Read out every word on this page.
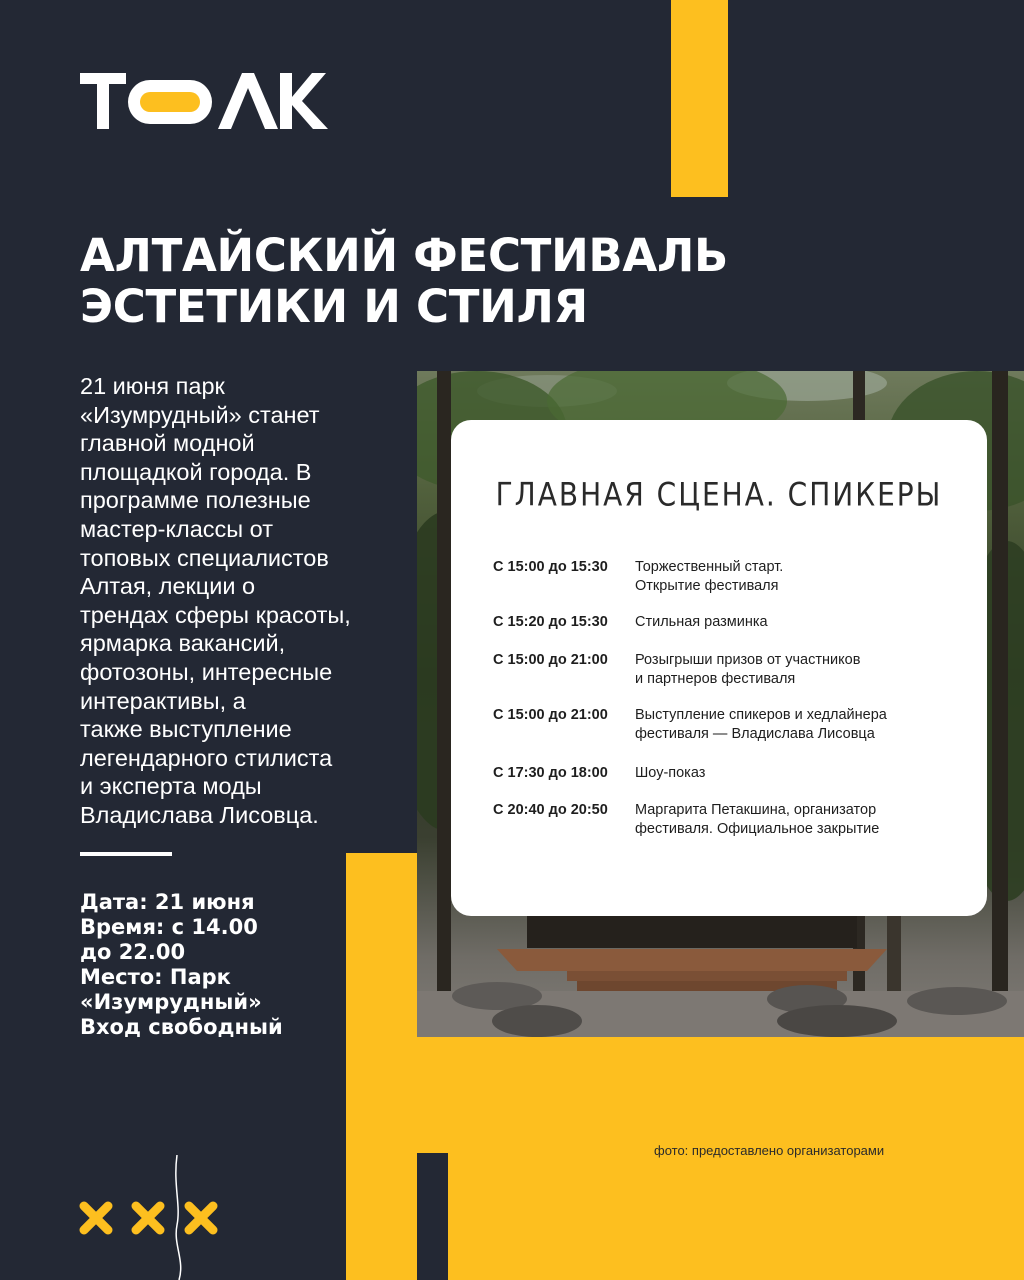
АЛТАЙСКИЙ ФЕСТИВАЛЬ
ЭСТЕТИКИ И СТИЛЯ
21 июня парк
«Изумрудный» станет
главной модной
площадкой города. В
программе полезные
мастер-классы от
топовых специалистов
Алтая, лекции о
трендах сферы красоты,
ярмарка вакансий,
фотозоны, интересные
интерактивы, а
также выступление
легендарного стилиста
и эксперта моды
Владислава Лисовца.
Дата: 21 июня
Время: с 14.00
до 22.00
Место: Парк
«Изумрудный»
Вход свободный
ГЛАВНАЯ СЦЕНА. СПИКЕРЫ
С 15:00 до 15:30	Торжественный старт.
Открытие фестиваля
С 15:20 до 15:30	Стильная разминка
С 15:00 до 21:00	Розыгрыши призов от участников
и партнеров фестиваля
С 15:00 до 21:00	Выступление спикеров и хедлайнера
фестиваля — Владислава Лисовца
С 17:30 до 18:00	Шоу-показ
С 20:40 до 20:50	Маргарита Петакшина, организатор
фестиваля. Официальное закрытие
фото: предоставлено организаторами
